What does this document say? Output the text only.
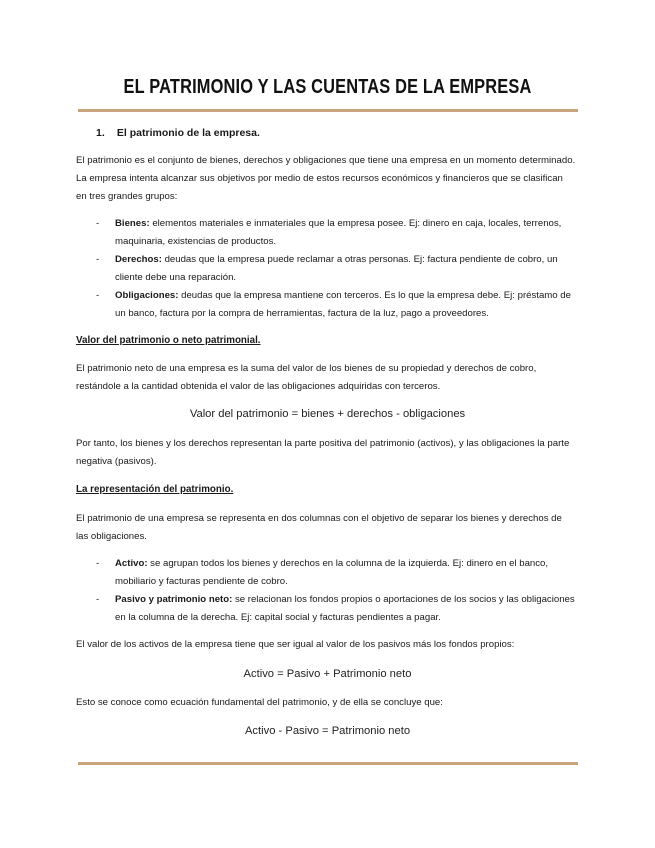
EL PATRIMONIO Y LAS CUENTAS DE LA EMPRESA
1. El patrimonio de la empresa.
El patrimonio es el conjunto de bienes, derechos y obligaciones que tiene una empresa en un momento determinado. La empresa intenta alcanzar sus objetivos por medio de estos recursos económicos y financieros que se clasifican en tres grandes grupos:
- Bienes: elementos materiales e inmateriales que la empresa posee. Ej: dinero en caja, locales, terrenos, maquinaria, existencias de productos.
- Derechos: deudas que la empresa puede reclamar a otras personas. Ej: factura pendiente de cobro, un cliente debe una reparación.
- Obligaciones: deudas que la empresa mantiene con terceros. Es lo que la empresa debe. Ej: préstamo de un banco, factura por la compra de herramientas, factura de la luz, pago a proveedores.
Valor del patrimonio o neto patrimonial.
El patrimonio neto de una empresa es la suma del valor de los bienes de su propiedad y derechos de cobro, restándole a la cantidad obtenida el valor de las obligaciones adquiridas con terceros.
Valor del patrimonio = bienes + derechos - obligaciones
Por tanto, los bienes y los derechos representan la parte positiva del patrimonio (activos), y las obligaciones la parte negativa (pasivos).
La representación del patrimonio.
El patrimonio de una empresa se representa en dos columnas con el objetivo de separar los bienes y derechos de las obligaciones.
- Activo: se agrupan todos los bienes y derechos en la columna de la izquierda. Ej: dinero en el banco, mobiliario y facturas pendiente de cobro.
- Pasivo y patrimonio neto: se relacionan los fondos propios o aportaciones de los socios y las obligaciones en la columna de la derecha. Ej: capital social y facturas pendientes a pagar.
El valor de los activos de la empresa tiene que ser igual al valor de los pasivos más los fondos propios:
Activo = Pasivo + Patrimonio neto
Esto se conoce como ecuación fundamental del patrimonio, y de ella se concluye que:
Activo - Pasivo = Patrimonio neto
